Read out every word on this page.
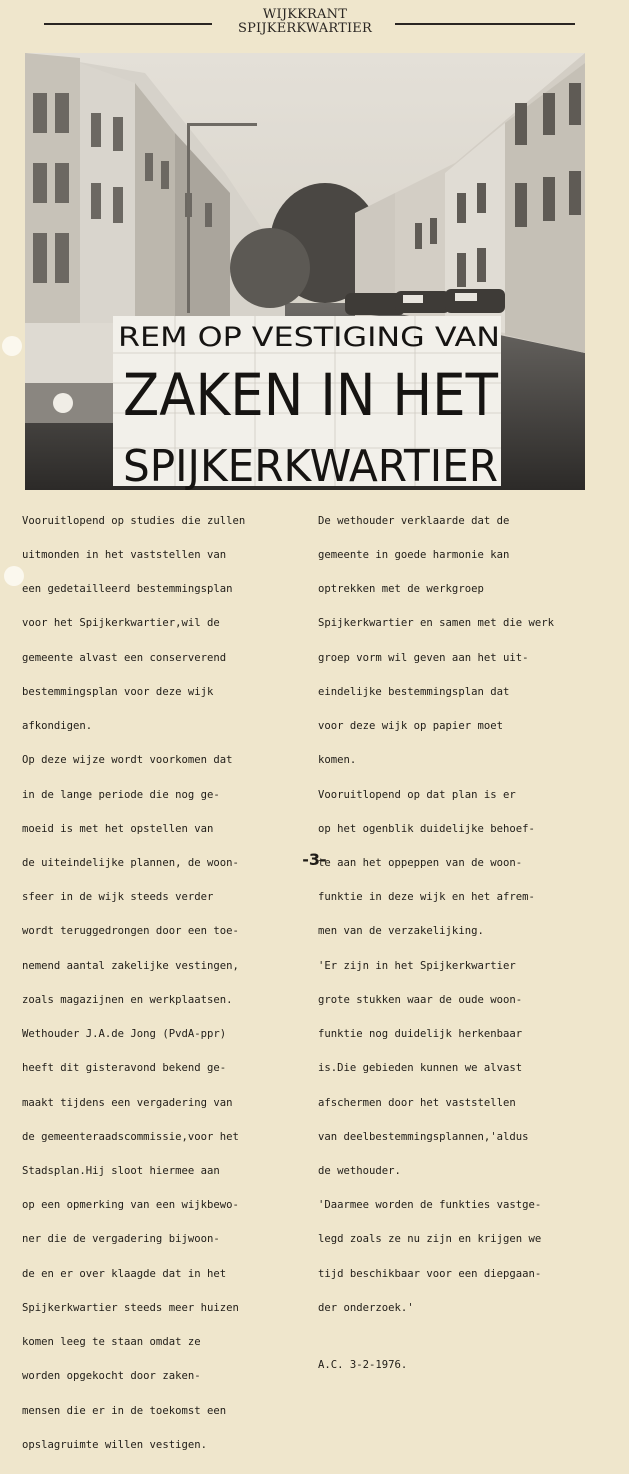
WIJKKRANT
SPIJKERKWARTIER
REM OP VESTIGING VAN
ZAKEN IN HET
SPIJKERKWARTIER

Vooruitlopend op studies die zullen

uitmonden in het vaststellen van

een gedetailleerd bestemmingsplan

voor het Spijkerkwartier,wil de

gemeente alvast een conserverend

bestemmingsplan voor deze wijk

afkondigen.

Op deze wijze wordt voorkomen dat

in de lange periode die nog ge-

moeid is met het opstellen van

de uiteindelijke plannen, de woon-

sfeer in de wijk steeds verder

wordt teruggedrongen door een toe-

nemend aantal zakelijke vestingen,

zoals magazijnen en werkplaatsen.

Wethouder J.A.de Jong (PvdA-ppr)

heeft dit gisteravond bekend ge-

maakt tijdens een vergadering van

de gemeenteraadscommissie,voor het

Stadsplan.Hij sloot hiermee aan

op een opmerking van een wijkbewo-

ner die de vergadering bijwoon-

de en er over klaagde dat in het

Spijkerkwartier steeds meer huizen

komen leeg te staan omdat ze

worden opgekocht door zaken-

mensen die er in de toekomst een

opslagruimte willen vestigen.

De wethouder verklaarde dat de

gemeente in goede harmonie kan

optrekken met de werkgroep

Spijkerkwartier en samen met die werk

groep vorm wil geven aan het uit-

eindelijke bestemmingsplan dat

voor deze wijk op papier moet

komen.

Vooruitlopend op dat plan is er

op het ogenblik duidelijke behoef-

te aan het oppeppen van de woon-

funktie in deze wijk en het afrem-

men van de verzakelijking.

'Er zijn in het Spijkerkwartier

grote stukken waar de oude woon-

funktie nog duidelijk herkenbaar

is.Die gebieden kunnen we alvast

afschermen door het vaststellen

van deelbestemmingsplannen,'aldus

de wethouder.

'Daarmee worden de funkties vastge-

legd zoals ze nu zijn en krijgen we

tijd beschikbaar voor een diepgaan-

der onderzoek.'

A.C. 3-2-1976.

-3-
